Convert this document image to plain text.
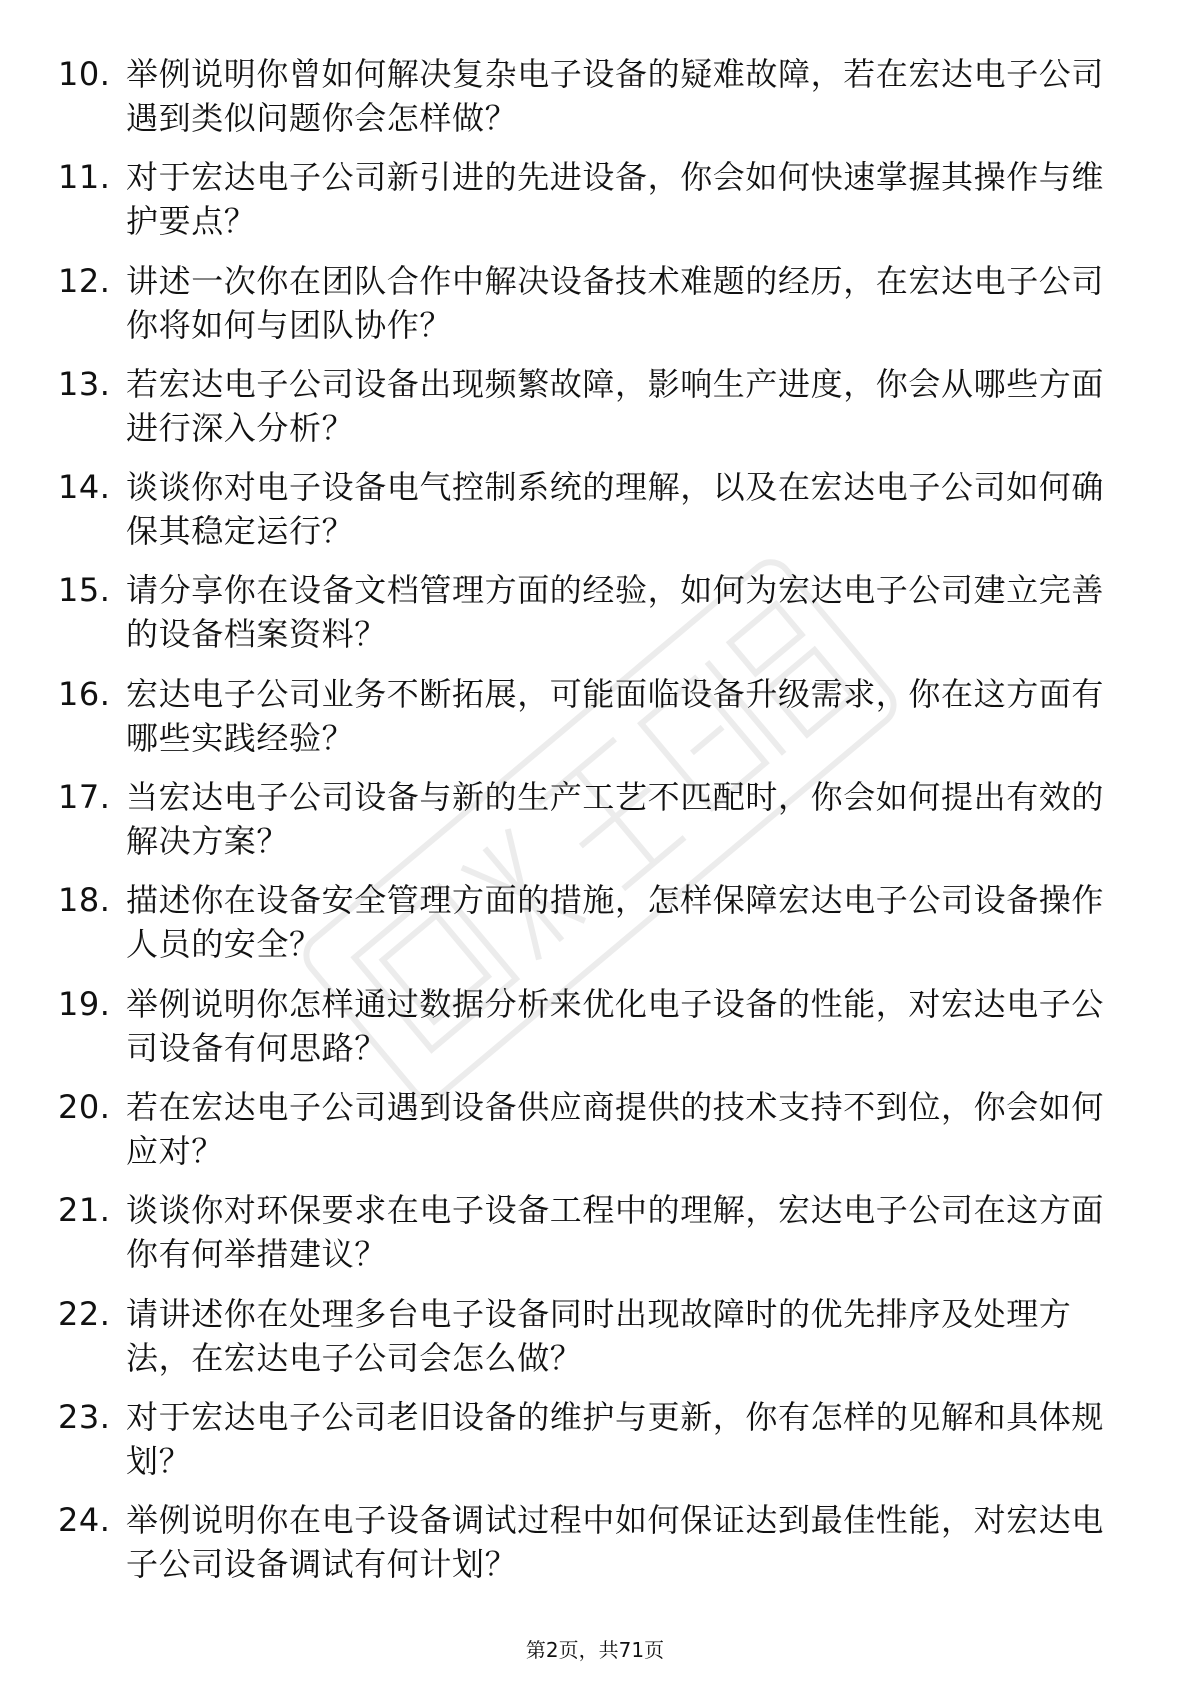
10. 举例说明你曾如何解决复杂电子设备的疑难故障，若在宏达电子公司遇到类似问题你会怎样做？
11. 对于宏达电子公司新引进的先进设备，你会如何快速掌握其操作与维护要点？
12. 讲述一次你在团队合作中解决设备技术难题的经历，在宏达电子公司你将如何与团队协作？
13. 若宏达电子公司设备出现频繁故障，影响生产进度，你会从哪些方面进行深入分析？
14. 谈谈你对电子设备电气控制系统的理解，以及在宏达电子公司如何确保其稳定运行？
15. 请分享你在设备文档管理方面的经验，如何为宏达电子公司建立完善的设备档案资料？
16. 宏达电子公司业务不断拓展，可能面临设备升级需求，你在这方面有哪些实践经验？
17. 当宏达电子公司设备与新的生产工艺不匹配时，你会如何提出有效的解决方案？
18. 描述你在设备安全管理方面的措施，怎样保障宏达电子公司设备操作人员的安全？
19. 举例说明你怎样通过数据分析来优化电子设备的性能，对宏达电子公司设备有何思路？
20. 若在宏达电子公司遇到设备供应商提供的技术支持不到位，你会如何应对？
21. 谈谈你对环保要求在电子设备工程中的理解，宏达电子公司在这方面你有何举措建议？
22. 请讲述你在处理多台电子设备同时出现故障时的优先排序及处理方法，在宏达电子公司会怎么做？
23. 对于宏达电子公司老旧设备的维护与更新，你有怎样的见解和具体规划？
24. 举例说明你在电子设备调试过程中如何保证达到最佳性能，对宏达电子公司设备调试有何计划？
第2页，共71页
